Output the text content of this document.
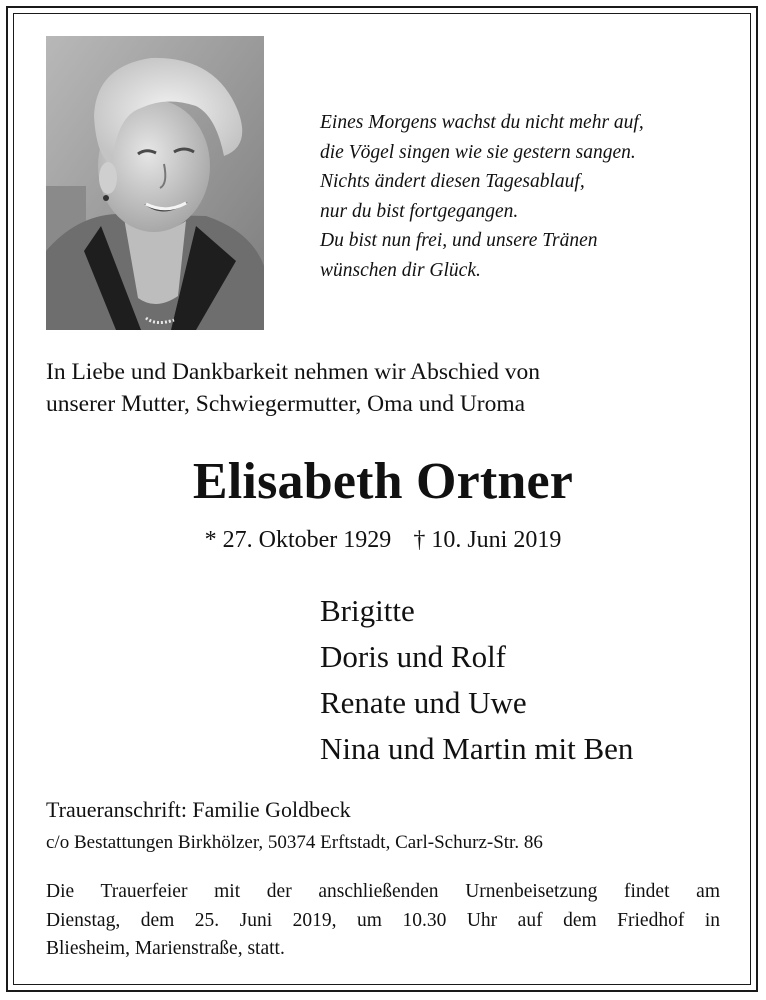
Eines Morgens wachst du nicht mehr auf,
die Vögel singen wie sie gestern sangen.
Nichts ändert diesen Tagesablauf,
nur du bist fortgegangen.
Du bist nun frei, und unsere Tränen
wünschen dir Glück.
In Liebe und Dankbarkeit nehmen wir Abschied von
unserer Mutter, Schwiegermutter, Oma und Uroma
Elisabeth Ortner
* 27. Oktober 1929 † 10. Juni 2019
Brigitte
Doris und Rolf
Renate und Uwe
Nina und Martin mit Ben
Traueranschrift: Familie Goldbeck
c/o Bestattungen Birkhölzer, 50374 Erftstadt, Carl-Schurz-Str. 86
Die Trauerfeier mit der anschließenden Urnenbeisetzung findet am
Dienstag, dem 25. Juni 2019, um 10.30 Uhr auf dem Friedhof in
Bliesheim, Marienstraße, statt.
